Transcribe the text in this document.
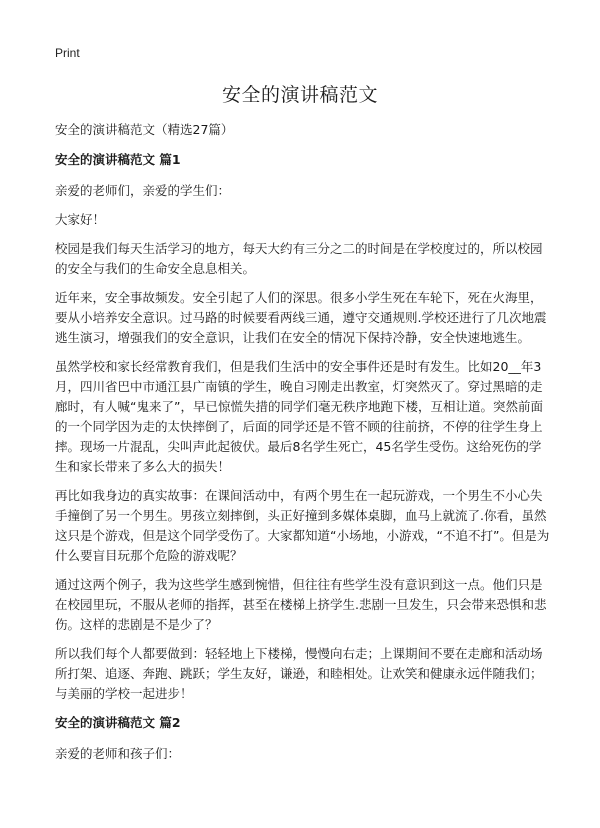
Print
安全的演讲稿范文

安全的演讲稿范文（精选27篇）

安全的演讲稿范文 篇1

亲爱的老师们，亲爱的学生们：

大家好！

校园是我们每天生活学习的地方，每天大约有三分之二的时间是在学校度过的，所以校园的安全与我们的生命安全息息相关。

近年来，安全事故频发。安全引起了人们的深思。很多小学生死在车轮下，死在火海里，要从小培养安全意识。过马路的时候要看两线三通，遵守交通规则.学校还进行了几次地震逃生演习，增强我们的安全意识，让我们在安全的情况下保持冷静，安全快速地逃生。

虽然学校和家长经常教育我们，但是我们生活中的安全事件还是时有发生。比如20__年3月，四川省巴中市通江县广南镇的学生，晚自习刚走出教室，灯突然灭了。穿过黑暗的走廊时，有人喊“鬼来了”，早已惊慌失措的同学们毫无秩序地跑下楼，互相让道。突然前面的一个同学因为走的太快摔倒了，后面的同学还是不管不顾的往前挤，不停的往学生身上摔。现场一片混乱，尖叫声此起彼伏。最后8名学生死亡，45名学生受伤。这给死伤的学生和家长带来了多么大的损失！

再比如我身边的真实故事：在课间活动中，有两个男生在一起玩游戏，一个男生不小心失手撞倒了另一个男生。男孩立刻摔倒，头正好撞到多媒体桌脚，血马上就流了.你看，虽然这只是个游戏，但是这个同学受伤了。大家都知道“小场地，小游戏，“不追不打”。但是为什么要盲目玩那个危险的游戏呢？

通过这两个例子，我为这些学生感到惋惜，但往往有些学生没有意识到这一点。他们只是在校园里玩，不服从老师的指挥，甚至在楼梯上挤学生.悲剧一旦发生，只会带来恐惧和悲伤。这样的悲剧是不是少了？

所以我们每个人都要做到：轻轻地上下楼梯，慢慢向右走；上课期间不要在走廊和活动场所打架、追逐、奔跑、跳跃；学生友好，谦逊，和睦相处。让欢笑和健康永远伴随我们；与美丽的学校一起进步！

安全的演讲稿范文 篇2

亲爱的老师和孩子们：
